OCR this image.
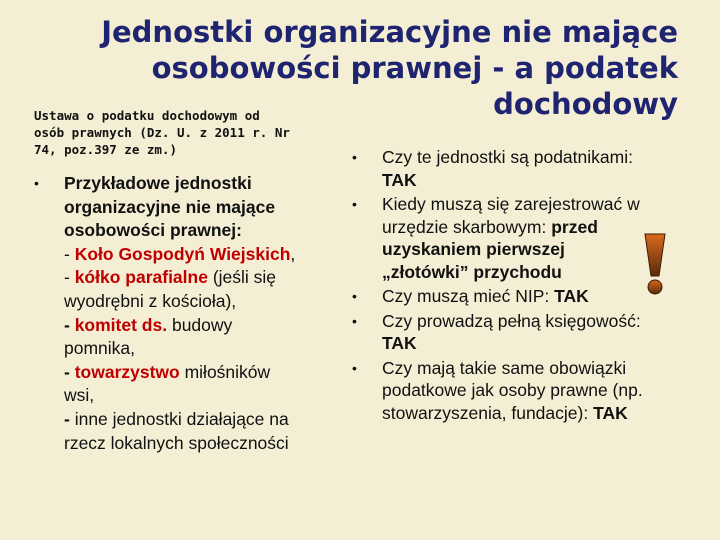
Jednostki organizacyjne nie mające
osobowości prawnej - a podatek
dochodowy
Ustawa o podatku dochodowym od
osób prawnych (Dz. U. z 2011 r. Nr
74, poz.397 ze zm.)
• Przykładowe jednostki
organizacyjne nie mające
osobowości prawnej:
- Koło Gospodyń Wiejskich,
- kółko parafialne (jeśli się
wyodrębni z kościoła),
- komitet ds. budowy
pomnika,
- towarzystwo miłośników
wsi,
- inne jednostki działające na
rzecz lokalnych społeczności
• Czy te jednostki są podatnikami:
TAK
• Kiedy muszą się zarejestrować w
urzędzie skarbowym: przed
uzyskaniem pierwszej
„złotówki” przychodu
• Czy muszą mieć NIP: TAK
• Czy prowadzą pełną księgowość:
TAK
• Czy mają takie same obowiązki
podatkowe jak osoby prawne (np.
stowarzyszenia, fundacje): TAK
